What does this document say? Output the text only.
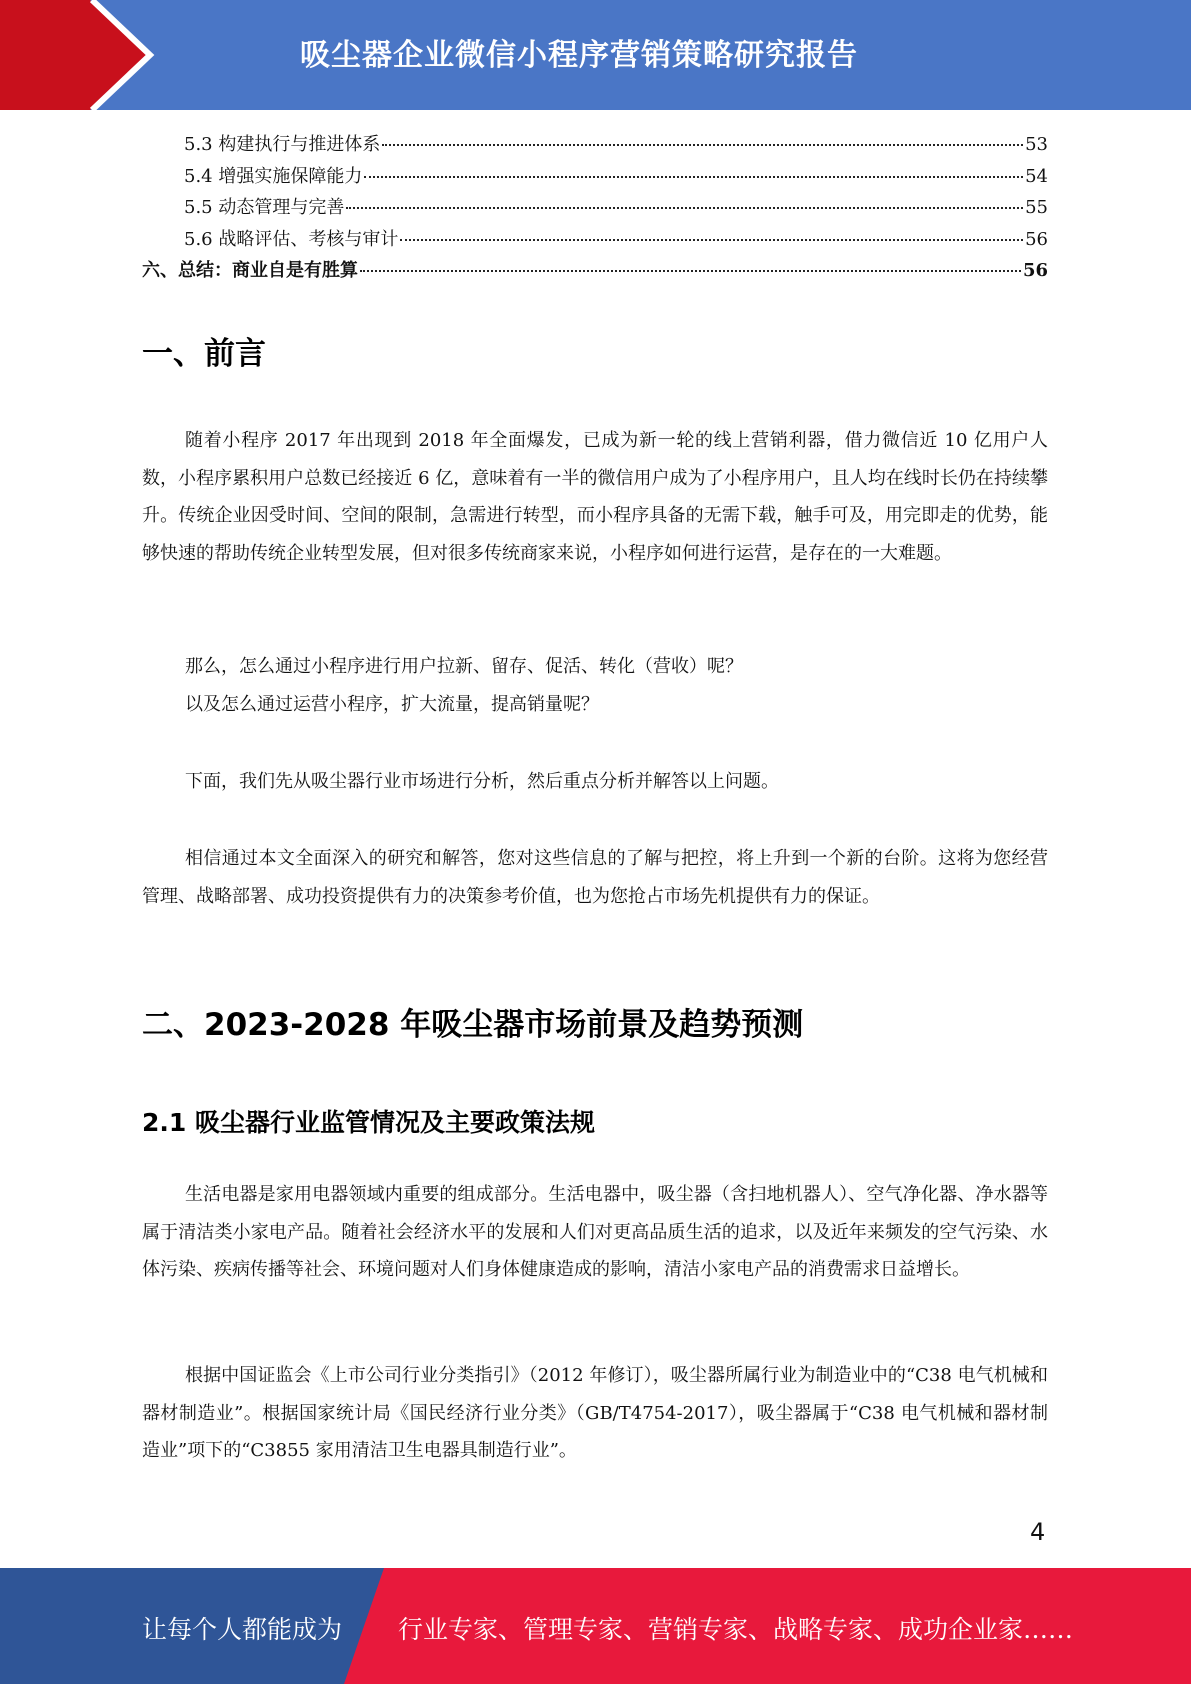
吸尘器企业微信小程序营销策略研究报告
5.3 构建执行与推进体系	53
5.4 增强实施保障能力	54
5.5 动态管理与完善	55
5.6 战略评估、考核与审计	56
六、总结：商业自是有胜算	56
一、前言

随着小程序 2017 年出现到 2018 年全面爆发，已成为新一轮的线上营销利器，借力微信近 10 亿用户人数，小程序累积用户总数已经接近 6 亿，意味着有一半的微信用户成为了小程序用户，且人均在线时长仍在持续攀升。传统企业因受时间、空间的限制，急需进行转型，而小程序具备的无需下载，触手可及，用完即走的优势，能够快速的帮助传统企业转型发展，但对很多传统商家来说，小程序如何进行运营，是存在的一大难题。

那么，怎么通过小程序进行用户拉新、留存、促活、转化（营收）呢？
以及怎么通过运营小程序，扩大流量，提高销量呢？

下面，我们先从吸尘器行业市场进行分析，然后重点分析并解答以上问题。

相信通过本文全面深入的研究和解答，您对这些信息的了解与把控，将上升到一个新的台阶。这将为您经营管理、战略部署、成功投资提供有力的决策参考价值，也为您抢占市场先机提供有力的保证。

二、2023-2028 年吸尘器市场前景及趋势预测
2.1 吸尘器行业监管情况及主要政策法规

生活电器是家用电器领域内重要的组成部分。生活电器中，吸尘器（含扫地机器人）、空气净化器、净水器等属于清洁类小家电产品。随着社会经济水平的发展和人们对更高品质生活的追求，以及近年来频发的空气污染、水体污染、疾病传播等社会、环境问题对人们身体健康造成的影响，清洁小家电产品的消费需求日益增长。

根据中国证监会《上市公司行业分类指引》（2012 年修订），吸尘器所属行业为制造业中的“C38 电气机械和器材制造业”。根据国家统计局《国民经济行业分类》（GB/T4754-2017），吸尘器属于“C38 电气机械和器材制造业”项下的“C3855 家用清洁卫生电器具制造行业”。

4
让每个人都能成为 行业专家、管理专家、营销专家、战略专家、成功企业家……
